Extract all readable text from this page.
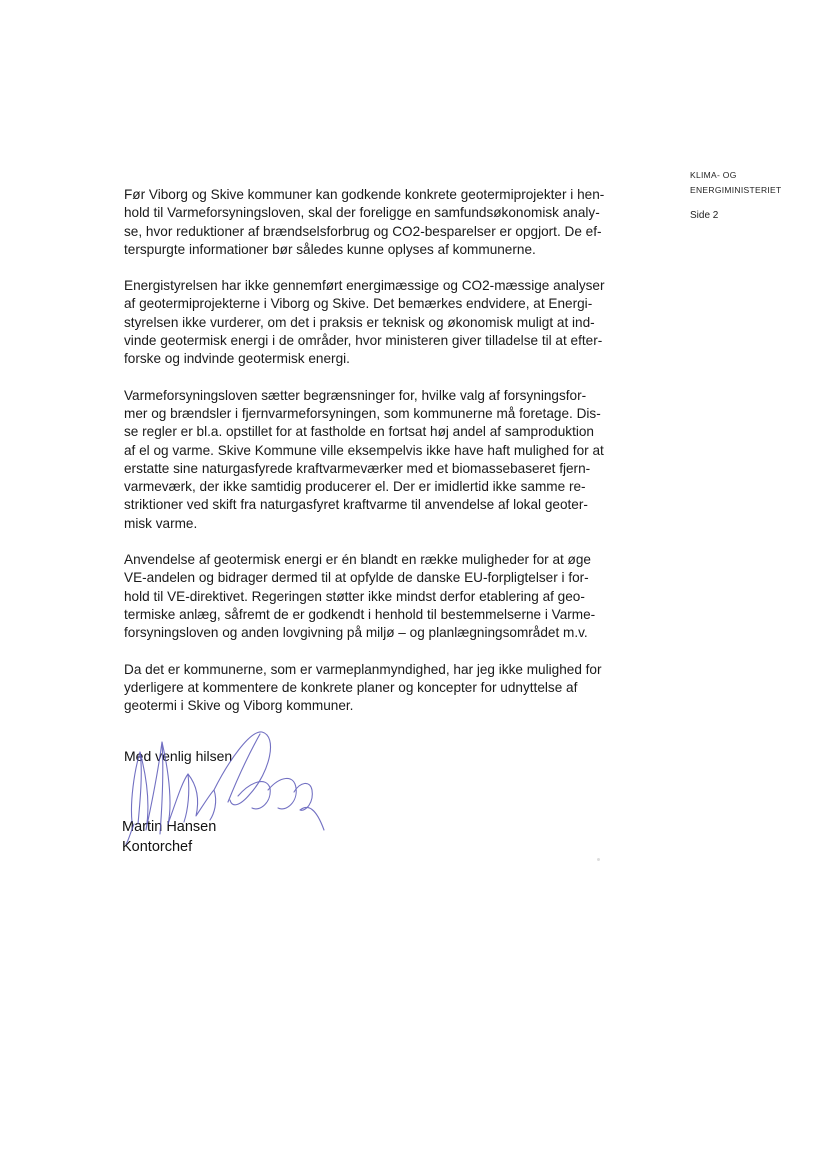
KLIMA- OG
ENERGIMINISTERIET
Side 2

Før Viborg og Skive kommuner kan godkende konkrete geotermiprojekter i hen-
hold til Varmeforsyningsloven, skal der foreligge en samfundsøkonomisk analy-
se, hvor reduktioner af brændselsforbrug og CO2-besparelser er opgjort. De ef-
terspurgte informationer bør således kunne oplyses af kommunerne.

Energistyrelsen har ikke gennemført energimæssige og CO2-mæssige analyser
af geotermiprojekterne i Viborg og Skive. Det bemærkes endvidere, at Energi-
styrelsen ikke vurderer, om det i praksis er teknisk og økonomisk muligt at ind-
vinde geotermisk energi i de områder, hvor ministeren giver tilladelse til at efter-
forske og indvinde geotermisk energi.

Varmeforsyningsloven sætter begrænsninger for, hvilke valg af forsyningsfor-
mer og brændsler i fjernvarmeforsyningen, som kommunerne må foretage. Dis-
se regler er bl.a. opstillet for at fastholde en fortsat høj andel af samproduktion
af el og varme. Skive Kommune ville eksempelvis ikke have haft mulighed for at
erstatte sine naturgasfyrede kraftvarmeværker med et biomassebaseret fjern-
varmeværk, der ikke samtidig producerer el. Der er imidlertid ikke samme re-
striktioner ved skift fra naturgasfyret kraftvarme til anvendelse af lokal geoter-
misk varme.

Anvendelse af geotermisk energi er én blandt en række muligheder for at øge
VE-andelen og bidrager dermed til at opfylde de danske EU-forpligtelser i for-
hold til VE-direktivet. Regeringen støtter ikke mindst derfor etablering af geo-
termiske anlæg, såfremt de er godkendt i henhold til bestemmelserne i Varme-
forsyningsloven og anden lovgivning på miljø – og planlægningsområdet m.v.

Da det er kommunerne, som er varmeplanmyndighed, har jeg ikke mulighed for
yderligere at kommentere de konkrete planer og koncepter for udnyttelse af
geotermi i Skive og Viborg kommuner.

Med venlig hilsen
Martin Hansen
Kontorchef
